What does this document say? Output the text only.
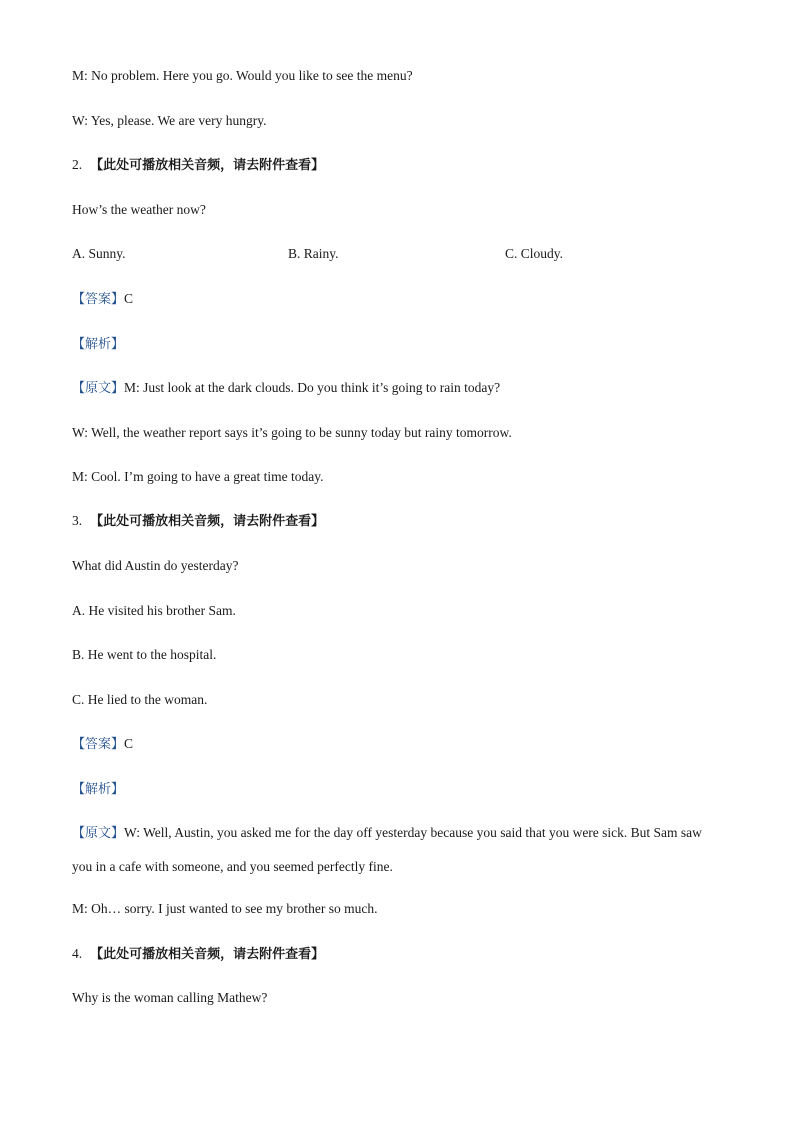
M: No problem. Here you go. Would you like to see the menu?
W: Yes, please. We are very hungry.
2. 【此处可播放相关音频，请去附件查看】
How’s the weather now?
A. Sunny.	B. Rainy.	C. Cloudy.
【答案】C
【解析】
【原文】M: Just look at the dark clouds. Do you think it’s going to rain today?
W: Well, the weather report says it’s going to be sunny today but rainy tomorrow.
M: Cool. I’m going to have a great time today.
3. 【此处可播放相关音频，请去附件查看】
What did Austin do yesterday?
A. He visited his brother Sam.
B. He went to the hospital.
C. He lied to the woman.
【答案】C
【解析】
【原文】W: Well, Austin, you asked me for the day off yesterday because you said that you were sick. But Sam saw you in a cafe with someone, and you seemed perfectly fine.
M: Oh… sorry. I just wanted to see my brother so much.
4. 【此处可播放相关音频，请去附件查看】
Why is the woman calling Mathew?
